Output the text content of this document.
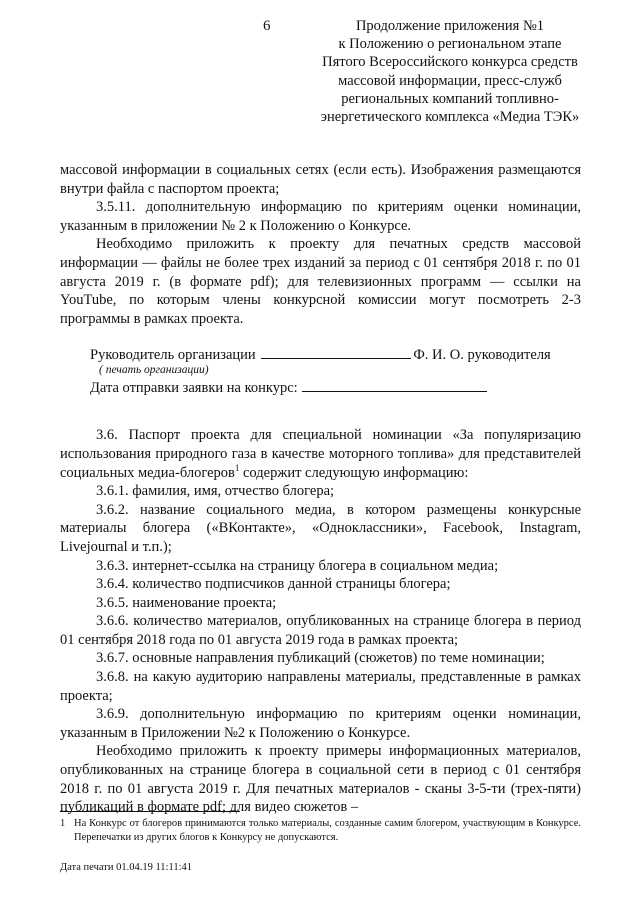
6	Продолжение приложения №1
к Положению о региональном этапе
Пятого Всероссийского конкурса средств
массовой информации, пресс-служб
региональных компаний топливно-
энергетического комплекса «Медиа ТЭК»

массовой информации в социальных сетях (если есть). Изображения размещаются внутри файла с паспортом проекта;

3.5.11. дополнительную информацию по критериям оценки номинации, указанным в приложении № 2 к Положению о Конкурсе.

Необходимо приложить к проекту для печатных средств массовой информации — файлы не более трех изданий за период с 01 сентября 2018 г. по 01 августа 2019 г. (в формате pdf); для телевизионных программ — ссылки на YouTube, по которым члены конкурсной комиссии могут посмотреть 2-3 программы в рамках проекта.

Руководитель организации	Ф. И. О. руководителя
( печать организации)
Дата отправки заявки на конкурс:

3.6. Паспорт проекта для специальной номинации «За популяризацию использования природного газа в качестве моторного топлива» для представителей социальных медиа-блогеров$^1$ содержит следующую информацию:

3.6.1. фамилия, имя, отчество блогера;

3.6.2. название социального медиа, в котором размещены конкурсные материалы блогера («ВКонтакте», «Одноклассники», Facebook, Instagram, Livejournal и т.п.);

3.6.3. интернет-ссылка на страницу блогера в социальном медиа;

3.6.4. количество подписчиков данной страницы блогера;

3.6.5. наименование проекта;

3.6.6. количество материалов, опубликованных на странице блогера в период 01 сентября 2018 года по 01 августа 2019 года в рамках проекта;

3.6.7. основные направления публикаций (сюжетов) по теме номинации;

3.6.8. на какую аудиторию направлены материалы, представленные в рамках проекта;

3.6.9. дополнительную информацию по критериям оценки номинации, указанным в Приложении №2 к Положению о Конкурсе.

Необходимо приложить к проекту примеры информационных материалов, опубликованных на странице блогера в социальной сети в период с 01 сентября 2018 г. по 01 августа 2019 г. Для печатных материалов - сканы 3-5-ти (трех-пяти) публикаций в формате pdf; для видео сюжетов –

1 На Конкурс от блогеров принимаются только материалы, созданные самим блогером, участвующим в Конкурсе. Перепечатки из других блогов к Конкурсу не допускаются.
Дата печати 01.04.19 11:11:41
